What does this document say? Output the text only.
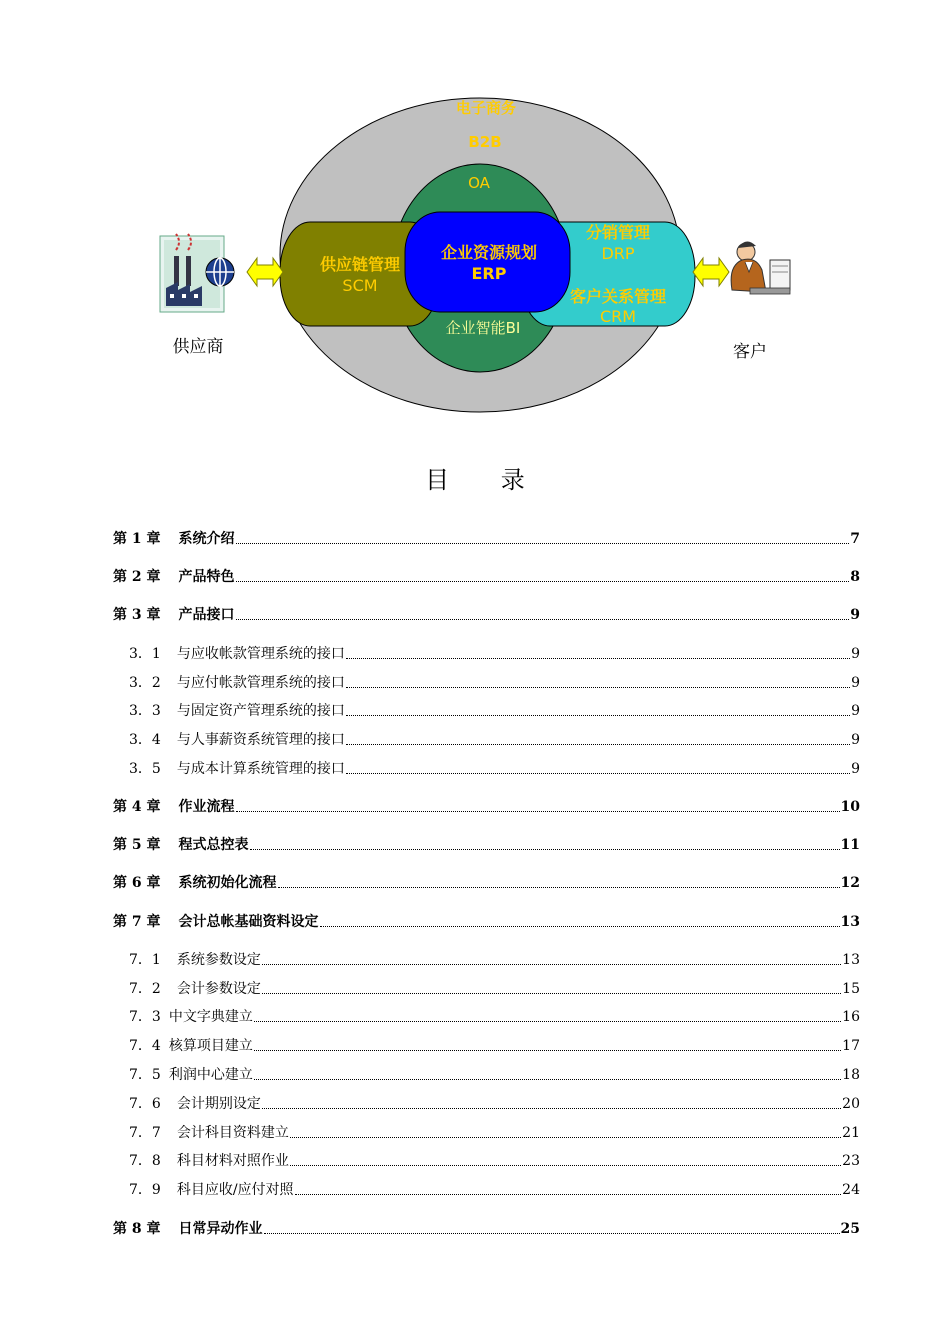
电子商务
B2B
OA
企业智能BI
企业资源规划
ERP
供应链管理
SCM
分销管理
DRP
客户关系管理
CRM
供应商	客户
目 录
第 1 章 系统介绍	7
第 2 章 产品特色	8
第 3 章 产品接口	9
3．1 与应收帐款管理系统的接口	9
3．2 与应付帐款管理系统的接口	9
3．3 与固定资产管理系统的接口	9
3．4 与人事薪资系统管理的接口	9
3．5 与成本计算系统管理的接口	9
第 4 章 作业流程	10
第 5 章 程式总控表	11
第 6 章 系统初始化流程	12
第 7 章 会计总帐基础资料设定	13
7．1 系统参数设定	13
7．2 会计参数设定	15
7．3 中文字典建立	16
7．4 核算项目建立	17
7．5 利润中心建立	18
7．6 会计期别设定	20
7．7 会计科目资料建立	21
7．8 科目材料对照作业	23
7．9 科目应收/应付对照	24
第 8 章 日常异动作业	25
